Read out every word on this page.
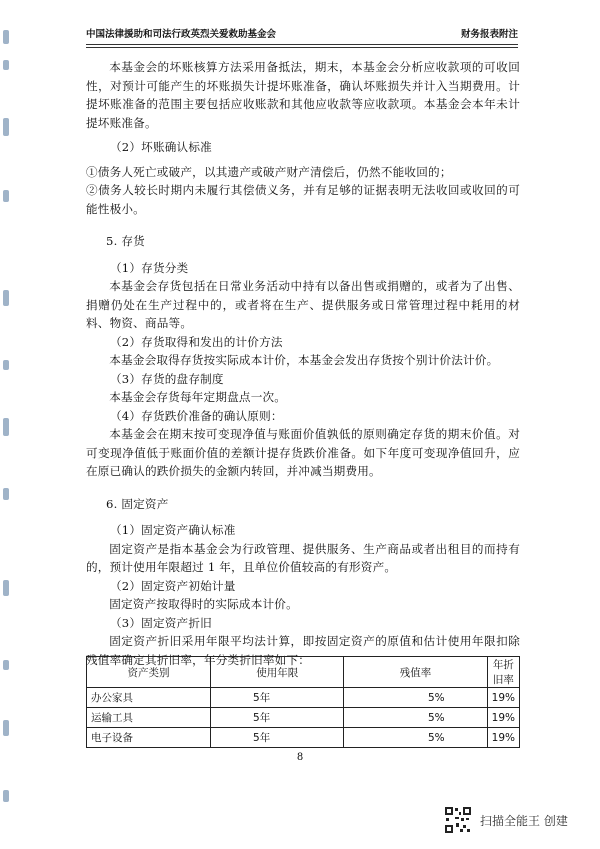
中国法律援助和司法行政英烈关爱救助基金会	财务报表附注

本基金会的坏账核算方法采用备抵法，期末，本基金会分析应收款项的可收回性，对预计可能产生的坏账损失计提坏账准备，确认坏账损失并计入当期费用。计提坏账准备的范围主要包括应收账款和其他应收款等应收款项。本基金会本年未计提坏账准备。

（2）坏账确认标准

①债务人死亡或破产，以其遗产或破产财产清偿后，仍然不能收回的；

②债务人较长时期内未履行其偿债义务，并有足够的证据表明无法收回或收回的可能性极小。

5. 存货

（1）存货分类

本基金会存货包括在日常业务活动中持有以备出售或捐赠的，或者为了出售、捐赠仍处在生产过程中的，或者将在生产、提供服务或日常管理过程中耗用的材料、物资、商品等。

（2）存货取得和发出的计价方法

本基金会取得存货按实际成本计价，本基金会发出存货按个别计价法计价。

（3）存货的盘存制度

本基金会存货每年定期盘点一次。

（4）存货跌价准备的确认原则：

本基金会在期末按可变现净值与账面价值孰低的原则确定存货的期末价值。对可变现净值低于账面价值的差额计提存货跌价准备。如下年度可变现净值回升，应在原已确认的跌价损失的金额内转回，并冲减当期费用。

6. 固定资产

（1）固定资产确认标准

固定资产是指本基金会为行政管理、提供服务、生产商品或者出租目的而持有的，预计使用年限超过 1 年，且单位价值较高的有形资产。

（2）固定资产初始计量

固定资产按取得时的实际成本计价。

（3）固定资产折旧

固定资产折旧采用年限平均法计算，即按固定资产的原值和估计使用年限扣除残值率确定其折旧率，年分类折旧率如下：

资产类别	使用年限	残值率	年折旧率
办公家具	5年	5%	19%
运输工具	5年	5%	19%
电子设备	5年	5%	19%
8
扫描全能王 创建
